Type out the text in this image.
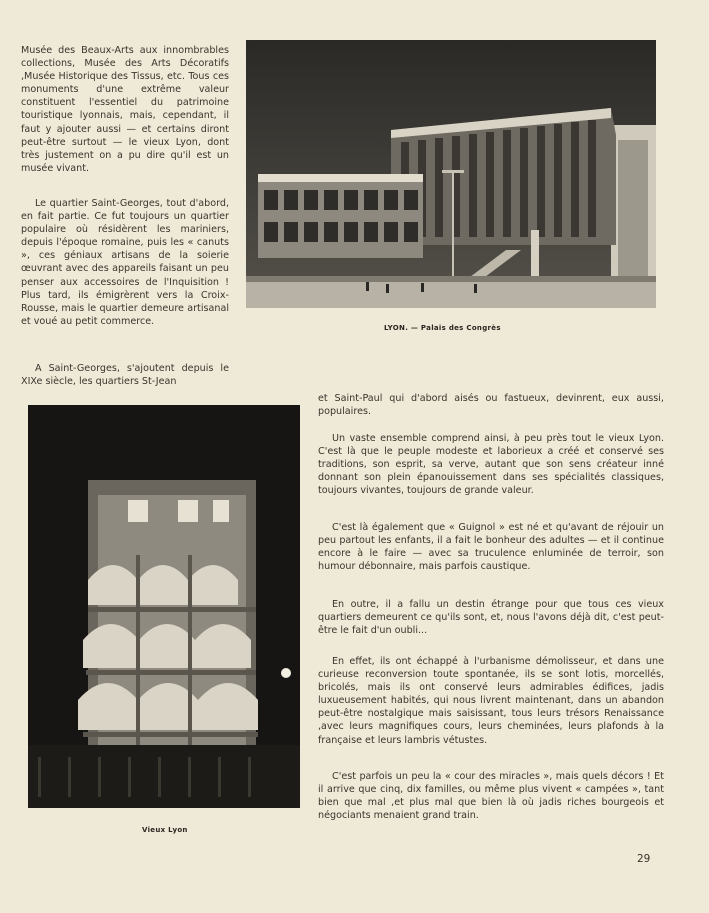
Musée des Beaux-Arts aux innombrables collections, Musée des Arts Décoratifs ,Musée Historique des Tissus, etc. Tous ces monuments d'une extrême valeur constituent l'essentiel du patrimoine touristique lyonnais, mais, cependant, il faut y ajouter aussi — et certains diront peut-être surtout — le vieux Lyon, dont très justement on a pu dire qu'il est un musée vivant.

Le quartier Saint-Georges, tout d'abord, en fait partie. Ce fut toujours un quartier populaire où résidèrent les mariniers, depuis l'époque romaine, puis les « canuts », ces géniaux artisans de la soierie œuvrant avec des appareils faisant un peu penser aux accessoires de l'Inquisition ! Plus tard, ils émigrèrent vers la Croix-Rousse, mais le quartier demeure artisanal et voué au petit commerce.

A Saint-Georges, s'ajoutent depuis le XIXe siècle, les quartiers St-Jean

LYON. — Palais des Congrès

Vieux Lyon

et Saint-Paul qui d'abord aisés ou fastueux, devinrent, eux aussi, populaires.

Un vaste ensemble comprend ainsi, à peu près tout le vieux Lyon. C'est là que le peuple modeste et laborieux a créé et conservé ses traditions, son esprit, sa verve, autant que son sens créateur inné donnant son plein épanouissement dans ses spécialités classiques, toujours vivantes, toujours de grande valeur.

C'est là également que « Guignol » est né et qu'avant de réjouir un peu partout les enfants, il a fait le bonheur des adultes — et il continue encore à le faire — avec sa truculence enluminée de terroir, son humour débonnaire, mais parfois caustique.

En outre, il a fallu un destin étrange pour que tous ces vieux quartiers demeurent ce qu'ils sont, et, nous l'avons déjà dit, c'est peut-être le fait d'un oubli...

En effet, ils ont échappé à l'urbanisme démolisseur, et dans une curieuse reconversion toute spontanée, ils se sont lotis, morcellés, bricolés, mais ils ont conservé leurs admirables édifices, jadis luxueusement habités, qui nous livrent maintenant, dans un abandon peut-être nostalgique mais saisissant, tous leurs trésors Renaissance ,avec leurs magnifiques cours, leurs cheminées, leurs plafonds à la française et leurs lambris vétustes.

C'est parfois un peu la « cour des miracles », mais quels décors ! Et il arrive que cinq, dix familles, ou même plus vivent « campées », tant bien que mal ,et plus mal que bien là où jadis riches bourgeois et négociants menaient grand train.

29
